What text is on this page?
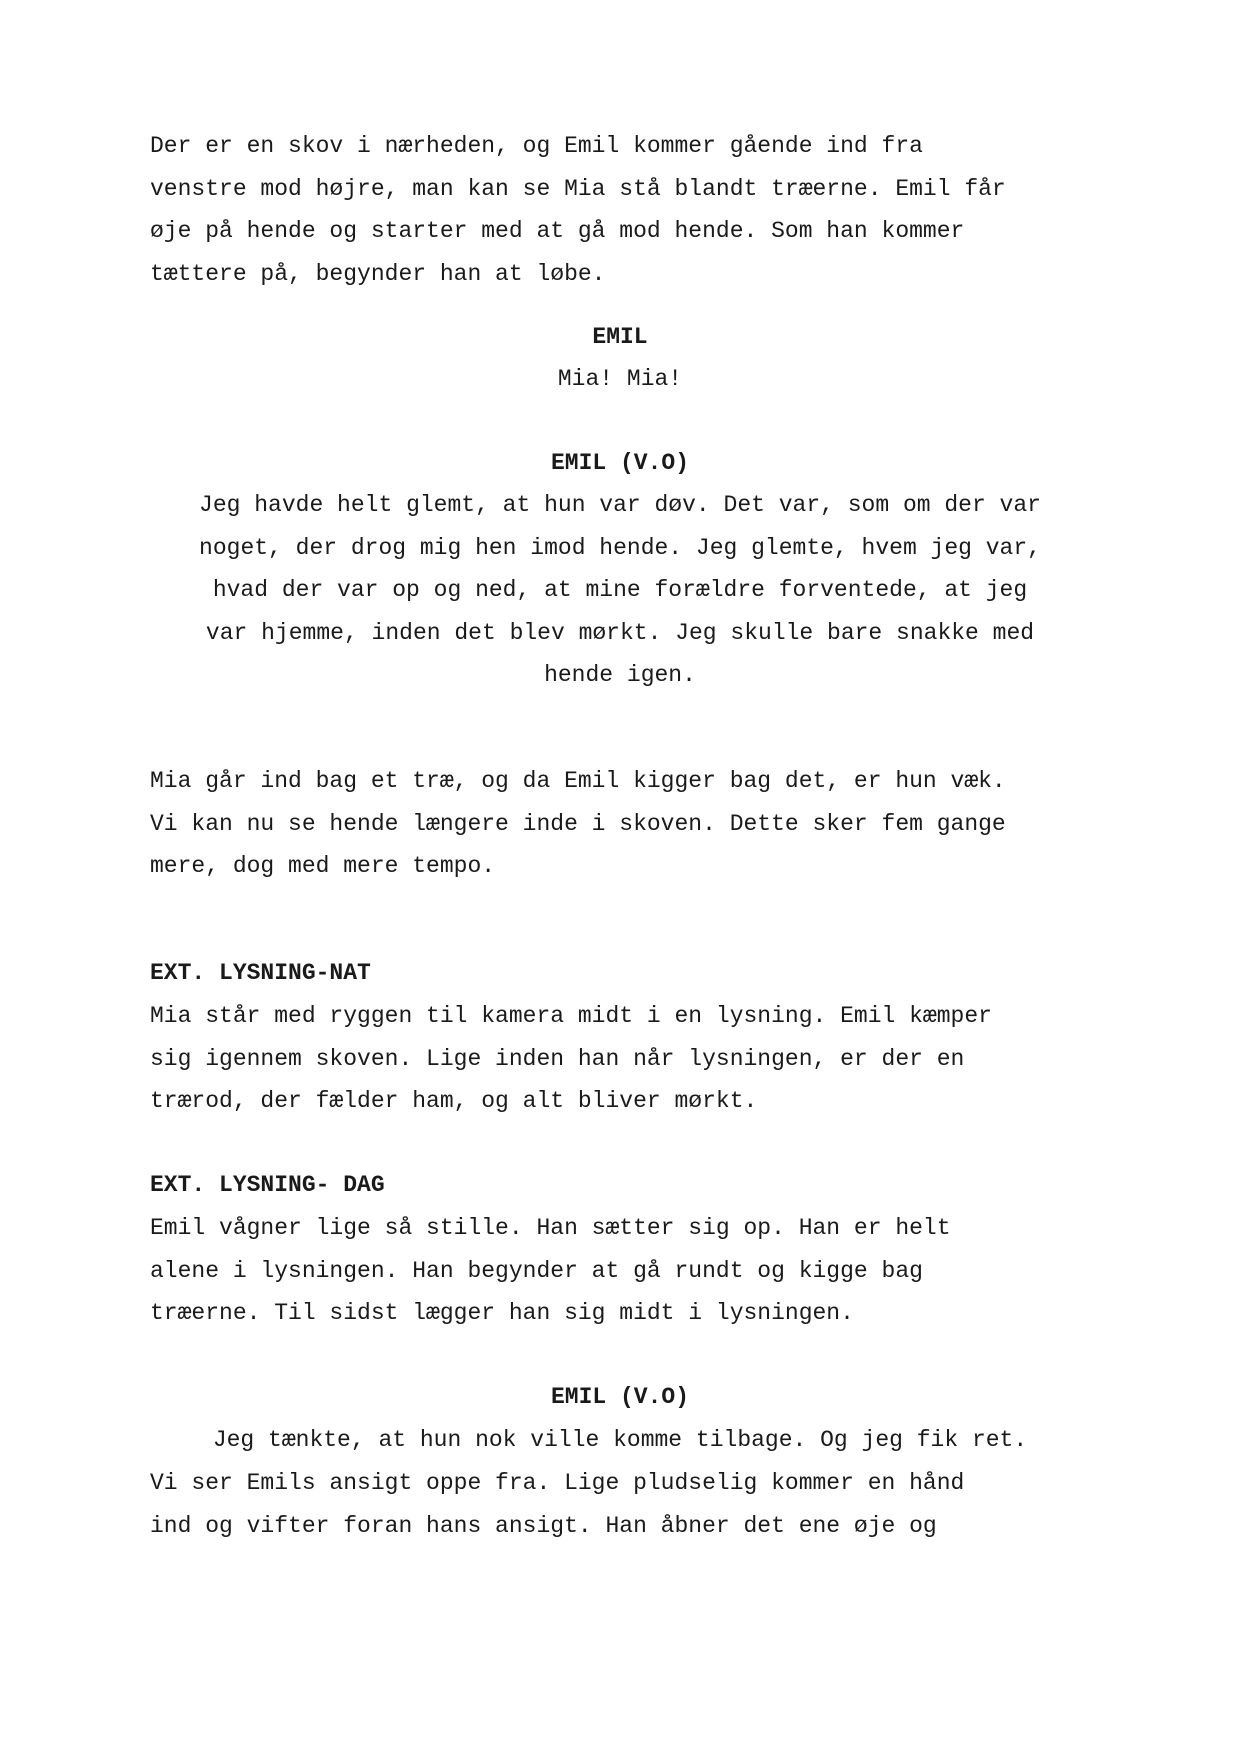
Der er en skov i nærheden, og Emil kommer gående ind fra
venstre mod højre, man kan se Mia stå blandt træerne. Emil får
øje på hende og starter med at gå mod hende. Som han kommer
tættere på, begynder han at løbe.
EMIL
Mia! Mia!
EMIL (V.O)
Jeg havde helt glemt, at hun var døv. Det var, som om der var
noget, der drog mig hen imod hende. Jeg glemte, hvem jeg var,
hvad der var op og ned, at mine forældre forventede, at jeg
var hjemme, inden det blev mørkt. Jeg skulle bare snakke med
hende igen.
Mia går ind bag et træ, og da Emil kigger bag det, er hun væk.
Vi kan nu se hende længere inde i skoven. Dette sker fem gange
mere, dog med mere tempo.
EXT. LYSNING-NAT
Mia står med ryggen til kamera midt i en lysning. Emil kæmper
sig igennem skoven. Lige inden han når lysningen, er der en
trærod, der fælder ham, og alt bliver mørkt.
EXT. LYSNING- DAG
Emil vågner lige så stille. Han sætter sig op. Han er helt
alene i lysningen. Han begynder at gå rundt og kigge bag
træerne. Til sidst lægger han sig midt i lysningen.
EMIL (V.O)
Jeg tænkte, at hun nok ville komme tilbage. Og jeg fik ret.
Vi ser Emils ansigt oppe fra. Lige pludselig kommer en hånd
ind og vifter foran hans ansigt. Han åbner det ene øje og
